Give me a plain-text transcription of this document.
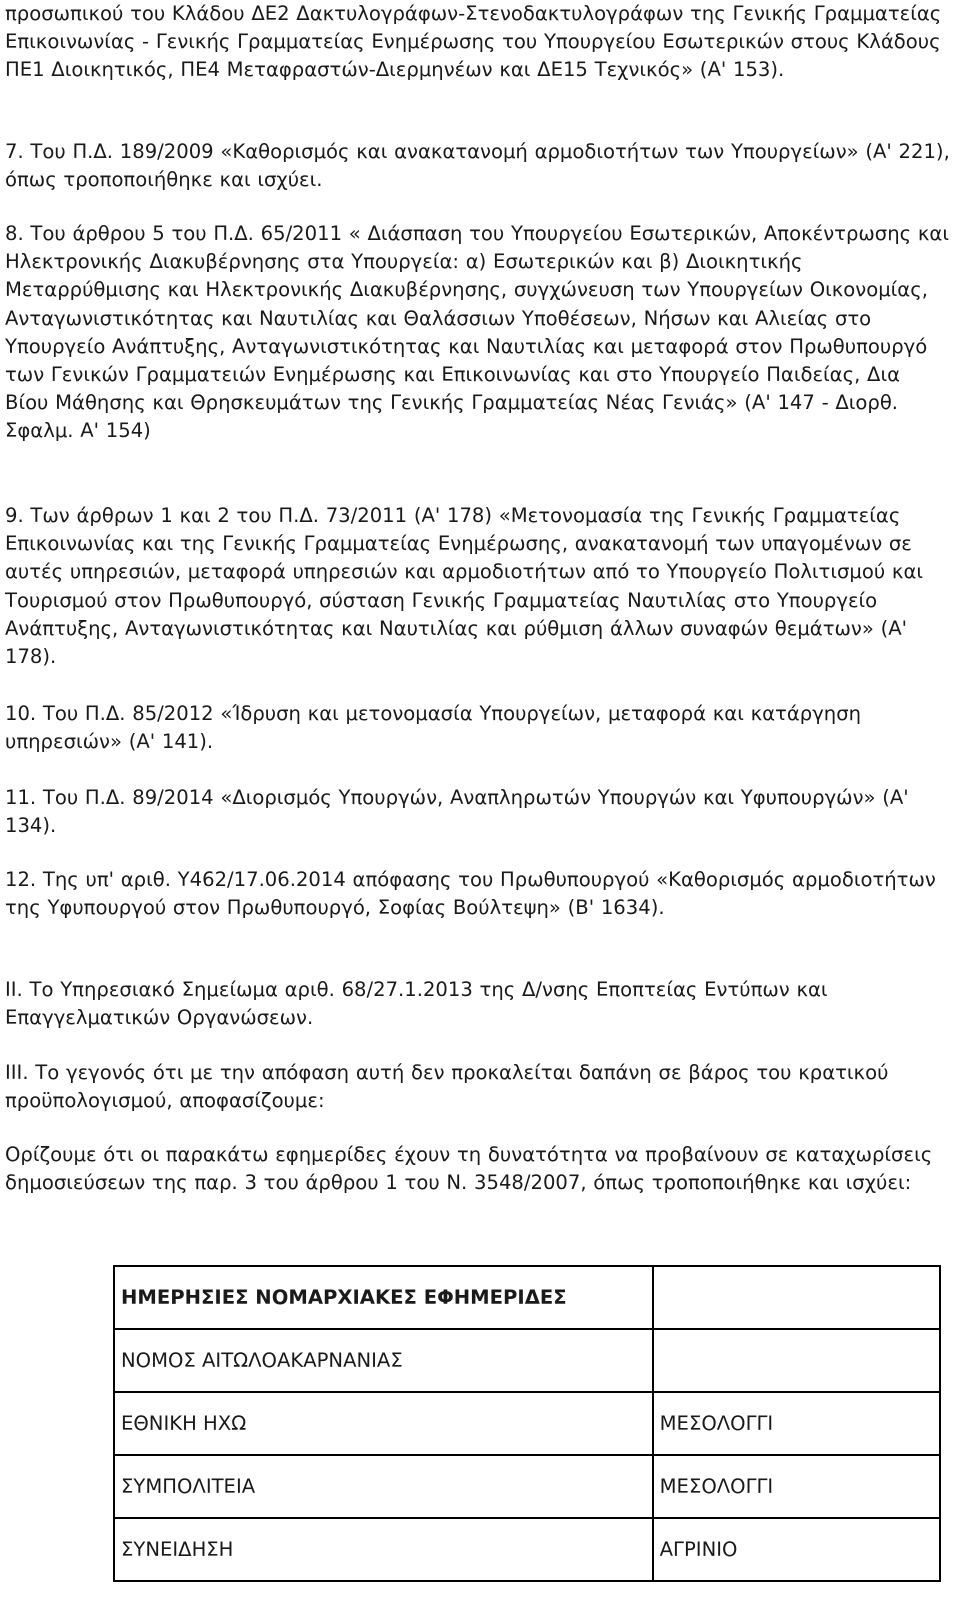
προσωπικού του Κλάδου ΔΕ2 Δακτυλογράφων-Στενοδακτυλογράφων της Γενικής Γραμματείας Επικοινωνίας - Γενικής Γραμματείας Ενημέρωσης του Υπουργείου Εσωτερικών στους Κλάδους ΠΕ1 Διοικητικός, ΠΕ4 Μεταφραστών-Διερμηνέων και ΔΕ15 Τεχνικός» (Α' 153).

7. Του Π.Δ. 189/2009 «Καθορισμός και ανακατανομή αρμοδιοτήτων των Υπουργείων» (Α' 221), όπως τροποποιήθηκε και ισχύει.

8. Του άρθρου 5 του Π.Δ. 65/2011 « Διάσπαση του Υπουργείου Εσωτερικών, Αποκέντρωσης και Ηλεκτρονικής Διακυβέρνησης στα Υπουργεία: α) Εσωτερικών και β) Διοικητικής Μεταρρύθμισης και Ηλεκτρονικής Διακυβέρνησης, συγχώνευση των Υπουργείων Οικονομίας, Ανταγωνιστικότητας και Ναυτιλίας και Θαλάσσιων Υποθέσεων, Νήσων και Αλιείας στο Υπουργείο Ανάπτυξης, Ανταγωνιστικότητας και Ναυτιλίας και μεταφορά στον Πρωθυπουργό των Γενικών Γραμματειών Ενημέρωσης και Επικοινωνίας και στο Υπουργείο Παιδείας, Δια Βίου Μάθησης και Θρησκευμάτων της Γενικής Γραμματείας Νέας Γενιάς» (Α' 147 - Διορθ. Σφαλμ. Α' 154)

9. Των άρθρων 1 και 2 του Π.Δ. 73/2011 (Α' 178) «Μετονομασία της Γενικής Γραμματείας Επικοινωνίας και της Γενικής Γραμματείας Ενημέρωσης, ανακατανομή των υπαγομένων σε αυτές υπηρεσιών, μεταφορά υπηρεσιών και αρμοδιοτήτων από το Υπουργείο Πολιτισμού και Τουρισμού στον Πρωθυπουργό, σύσταση Γενικής Γραμματείας Ναυτιλίας στο Υπουργείο Ανάπτυξης, Ανταγωνιστικότητας και Ναυτιλίας και ρύθμιση άλλων συναφών θεμάτων» (Α' 178).

10. Του Π.Δ. 85/2012 «Ίδρυση και μετονομασία Υπουργείων, μεταφορά και κατάργηση υπηρεσιών» (Α' 141).

11. Του Π.Δ. 89/2014 «Διορισμός Υπουργών, Αναπληρωτών Υπουργών και Υφυπουργών» (Α' 134).

12. Της υπ' αριθ. Υ462/17.06.2014 απόφασης του Πρωθυπουργού «Καθορισμός αρμοδιοτήτων της Υφυπουργού στον Πρωθυπουργό, Σοφίας Βούλτεψη» (Β' 1634).

ΙΙ. Το Υπηρεσιακό Σημείωμα αριθ. 68/27.1.2013 της Δ/νσης Εποπτείας Εντύπων και Επαγγελματικών Οργανώσεων.

ΙΙΙ. Το γεγονός ότι με την απόφαση αυτή δεν προκαλείται δαπάνη σε βάρος του κρατικού προϋπολογισμού, αποφασίζουμε:

Ορίζουμε ότι οι παρακάτω εφημερίδες έχουν τη δυνατότητα να προβαίνουν σε καταχωρίσεις δημοσιεύσεων της παρ. 3 του άρθρου 1 του Ν. 3548/2007, όπως τροποποιήθηκε και ισχύει:

ΗΜΕΡΗΣΙΕΣ ΝΟΜΑΡΧΙΑΚΕΣ ΕΦΗΜΕΡΙΔΕΣ	
ΝΟΜΟΣ ΑΙΤΩΛΟΑΚΑΡΝΑΝΙΑΣ	
ΕΘΝΙΚΗ ΗΧΩ	ΜΕΣΟΛΟΓΓΙ
ΣΥΜΠΟΛΙΤΕΙΑ	ΜΕΣΟΛΟΓΓΙ
ΣΥΝΕΙΔΗΣΗ	ΑΓΡΙΝΙΟ
